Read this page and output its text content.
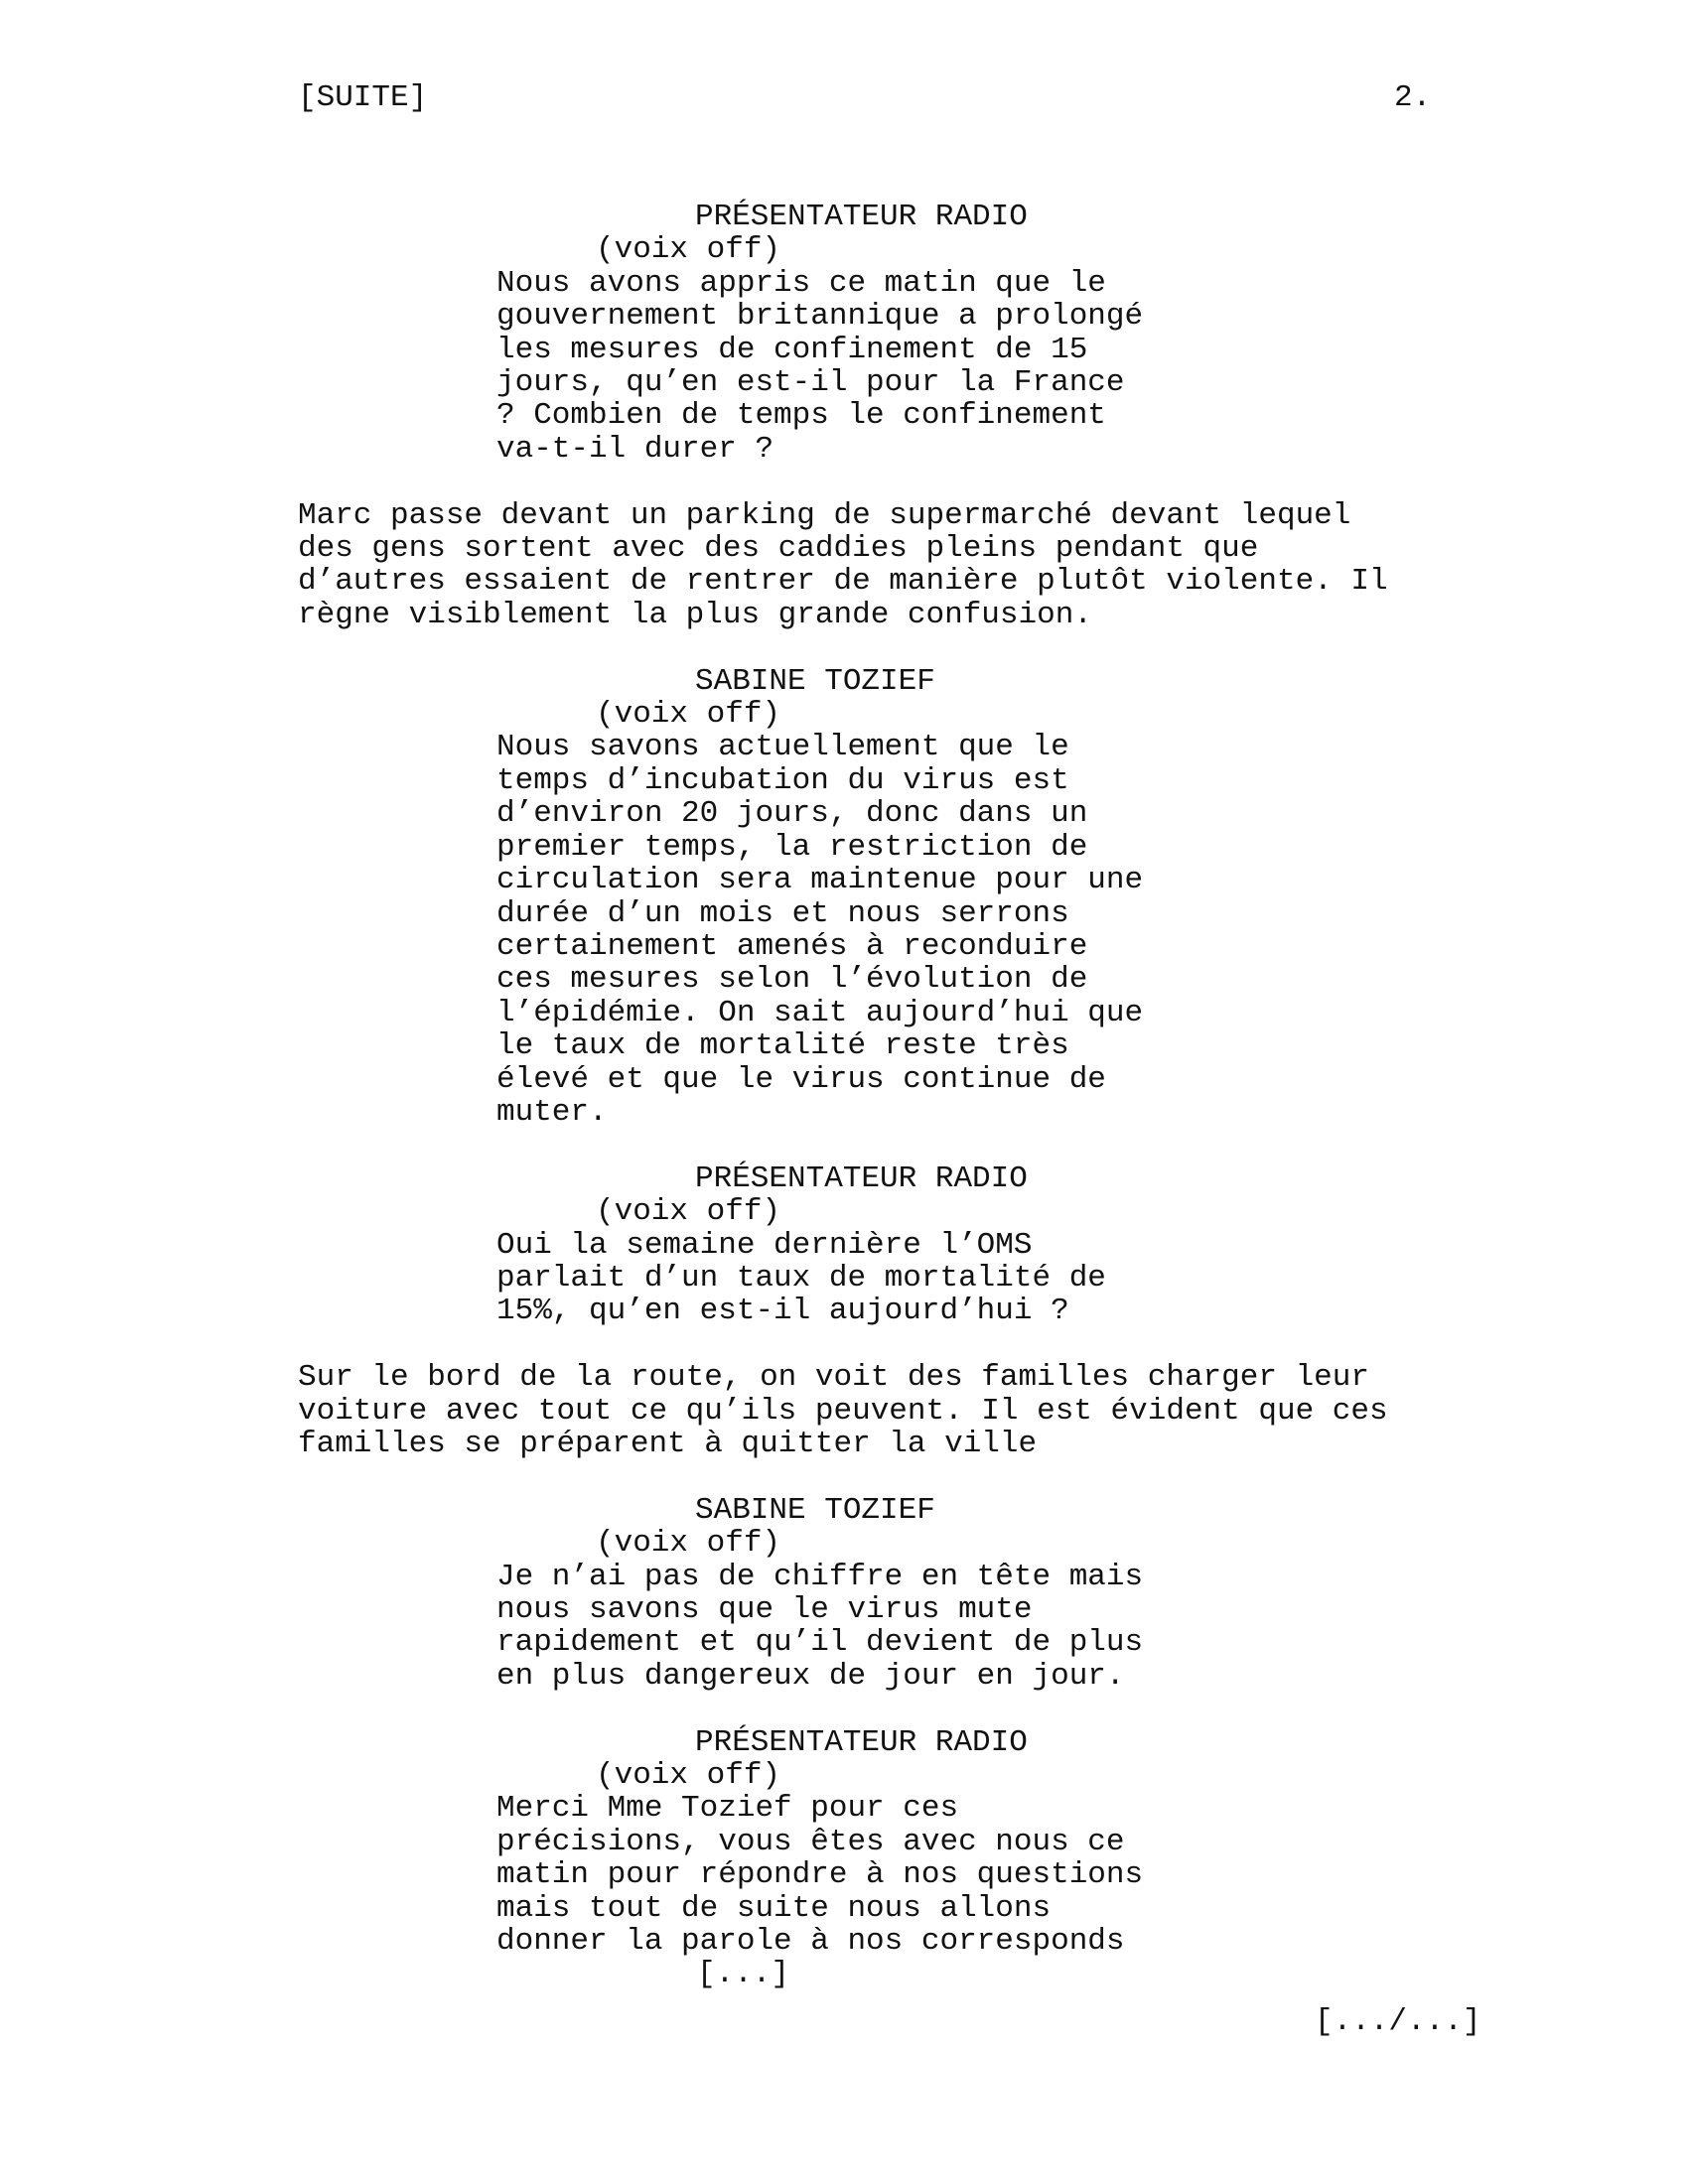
[SUITE]	2.
PRÉSENTATEUR RADIO
(voix off)
Nous avons appris ce matin que le
gouvernement britannique a prolongé
les mesures de confinement de 15
jours, qu’en est-il pour la France
? Combien de temps le confinement
va-t-il durer ?
Marc passe devant un parking de supermarché devant lequel
des gens sortent avec des caddies pleins pendant que
d’autres essaient de rentrer de manière plutôt violente. Il
règne visiblement la plus grande confusion.
SABINE TOZIEF
(voix off)
Nous savons actuellement que le
temps d’incubation du virus est
d’environ 20 jours, donc dans un
premier temps, la restriction de
circulation sera maintenue pour une
durée d’un mois et nous serrons
certainement amenés à reconduire
ces mesures selon l’évolution de
l’épidémie. On sait aujourd’hui que
le taux de mortalité reste très
élevé et que le virus continue de
muter.
PRÉSENTATEUR RADIO
(voix off)
Oui la semaine dernière l’OMS
parlait d’un taux de mortalité de
15%, qu’en est-il aujourd’hui ?
Sur le bord de la route, on voit des familles charger leur
voiture avec tout ce qu’ils peuvent. Il est évident que ces
familles se préparent à quitter la ville
SABINE TOZIEF
(voix off)
Je n’ai pas de chiffre en tête mais
nous savons que le virus mute
rapidement et qu’il devient de plus
en plus dangereux de jour en jour.
PRÉSENTATEUR RADIO
(voix off)
Merci Mme Tozief pour ces
précisions, vous êtes avec nous ce
matin pour répondre à nos questions
mais tout de suite nous allons
donner la parole à nos corresponds
[...]
[.../...]
